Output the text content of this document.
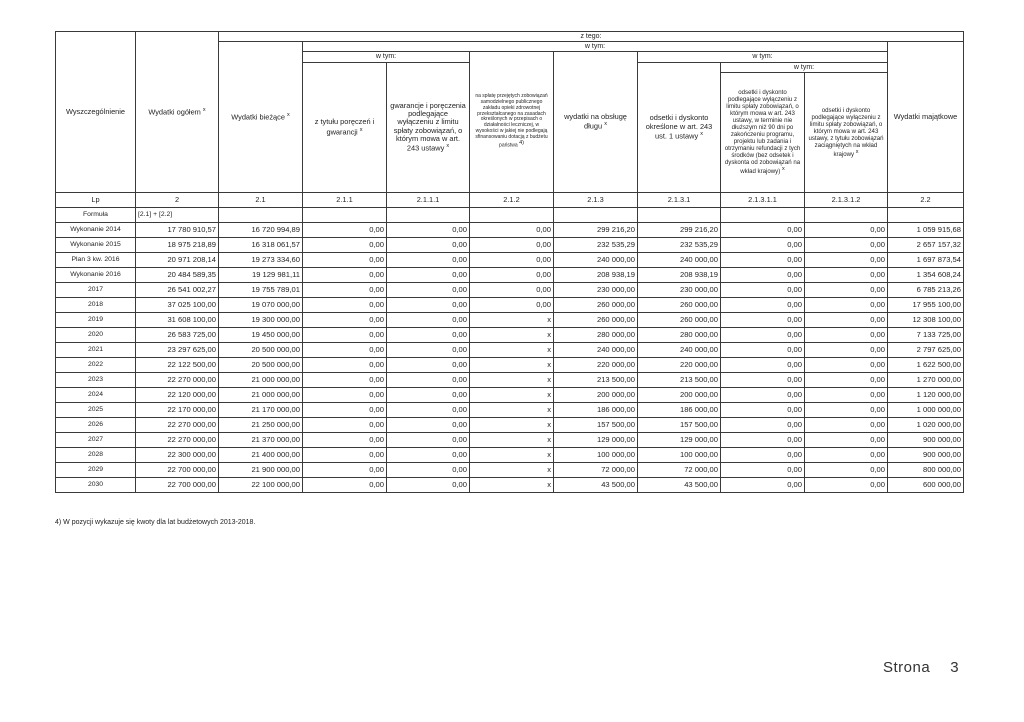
Wyszczególnienie	Wydatki ogółem $^x$	z tego:								
		Wydatki bieżące $^x$	w tym:							Wydatki majątkowe
			w tym:		na spłatę przejętych zobowiązań samodzielnego publicznego zakładu opieki zdrowotnej przekształcanego na zasadach określonych w przepisach o działalności leczniczej, w wysokości w jakiej nie podlegają sfinansowaniu dotacją z budżetu państwa 4)	wydatki na obsługę długu $^x$	w tym:			
			z tytułu poręczeń i gwarancji $^x$	gwarancje i poręczenia podlegające wyłączeniu z limitu spłaty zobowiązań, o którym mowa w art. 243 ustawy $^x$			odsetki i dyskonto określone w art. 243 ust. 1 ustawy $^x$	w tym:		
								odsetki i dyskonto podlegające wyłączeniu z limitu spłaty zobowiązań, o którym mowa w art. 243 ustawy, w terminie nie dłuższym niż 90 dni po zakończeniu programu, projektu lub zadania i otrzymaniu refundacji z tych środków (bez odsetek i dyskonta od zobowiązań na wkład krajowy) x	odsetki i dyskonto podlegające wyłączeniu z limitu spłaty zobowiązań, o którym mowa w art. 243 ustawy, z tytułu zobowiązań zaciągniętych na wkład krajowy x	

Lp	2	2.1	2.1.1	2.1.1.1	2.1.2	2.1.3	2.1.3.1	2.1.3.1.1	2.1.3.1.2	2.2
Formuła	[2.1] + [2.2]									
Wykonanie 2014	17 780 910,57	16 720 994,89	0,00	0,00	0,00	299 216,20	299 216,20	0,00	0,00	1 059 915,68
Wykonanie 2015	18 975 218,89	16 318 061,57	0,00	0,00	0,00	232 535,29	232 535,29	0,00	0,00	2 657 157,32
Plan 3 kw. 2016	20 971 208,14	19 273 334,60	0,00	0,00	0,00	240 000,00	240 000,00	0,00	0,00	1 697 873,54
Wykonanie 2016	20 484 589,35	19 129 981,11	0,00	0,00	0,00	208 938,19	208 938,19	0,00	0,00	1 354 608,24
2017	26 541 002,27	19 755 789,01	0,00	0,00	0,00	230 000,00	230 000,00	0,00	0,00	6 785 213,26
2018	37 025 100,00	19 070 000,00	0,00	0,00	0,00	260 000,00	260 000,00	0,00	0,00	17 955 100,00
2019	31 608 100,00	19 300 000,00	0,00	0,00	x	260 000,00	260 000,00	0,00	0,00	12 308 100,00
2020	26 583 725,00	19 450 000,00	0,00	0,00	x	280 000,00	280 000,00	0,00	0,00	7 133 725,00
2021	23 297 625,00	20 500 000,00	0,00	0,00	x	240 000,00	240 000,00	0,00	0,00	2 797 625,00
2022	22 122 500,00	20 500 000,00	0,00	0,00	x	220 000,00	220 000,00	0,00	0,00	1 622 500,00
2023	22 270 000,00	21 000 000,00	0,00	0,00	x	213 500,00	213 500,00	0,00	0,00	1 270 000,00
2024	22 120 000,00	21 000 000,00	0,00	0,00	x	200 000,00	200 000,00	0,00	0,00	1 120 000,00
2025	22 170 000,00	21 170 000,00	0,00	0,00	x	186 000,00	186 000,00	0,00	0,00	1 000 000,00
2026	22 270 000,00	21 250 000,00	0,00	0,00	x	157 500,00	157 500,00	0,00	0,00	1 020 000,00
2027	22 270 000,00	21 370 000,00	0,00	0,00	x	129 000,00	129 000,00	0,00	0,00	900 000,00
2028	22 300 000,00	21 400 000,00	0,00	0,00	x	100 000,00	100 000,00	0,00	0,00	900 000,00
2029	22 700 000,00	21 900 000,00	0,00	0,00	x	72 000,00	72 000,00	0,00	0,00	800 000,00
2030	22 700 000,00	22 100 000,00	0,00	0,00	x	43 500,00	43 500,00	0,00	0,00	600 000,00
4) W pozycji wykazuje się kwoty dla lat budżetowych 2013-2018.
Strona 3
